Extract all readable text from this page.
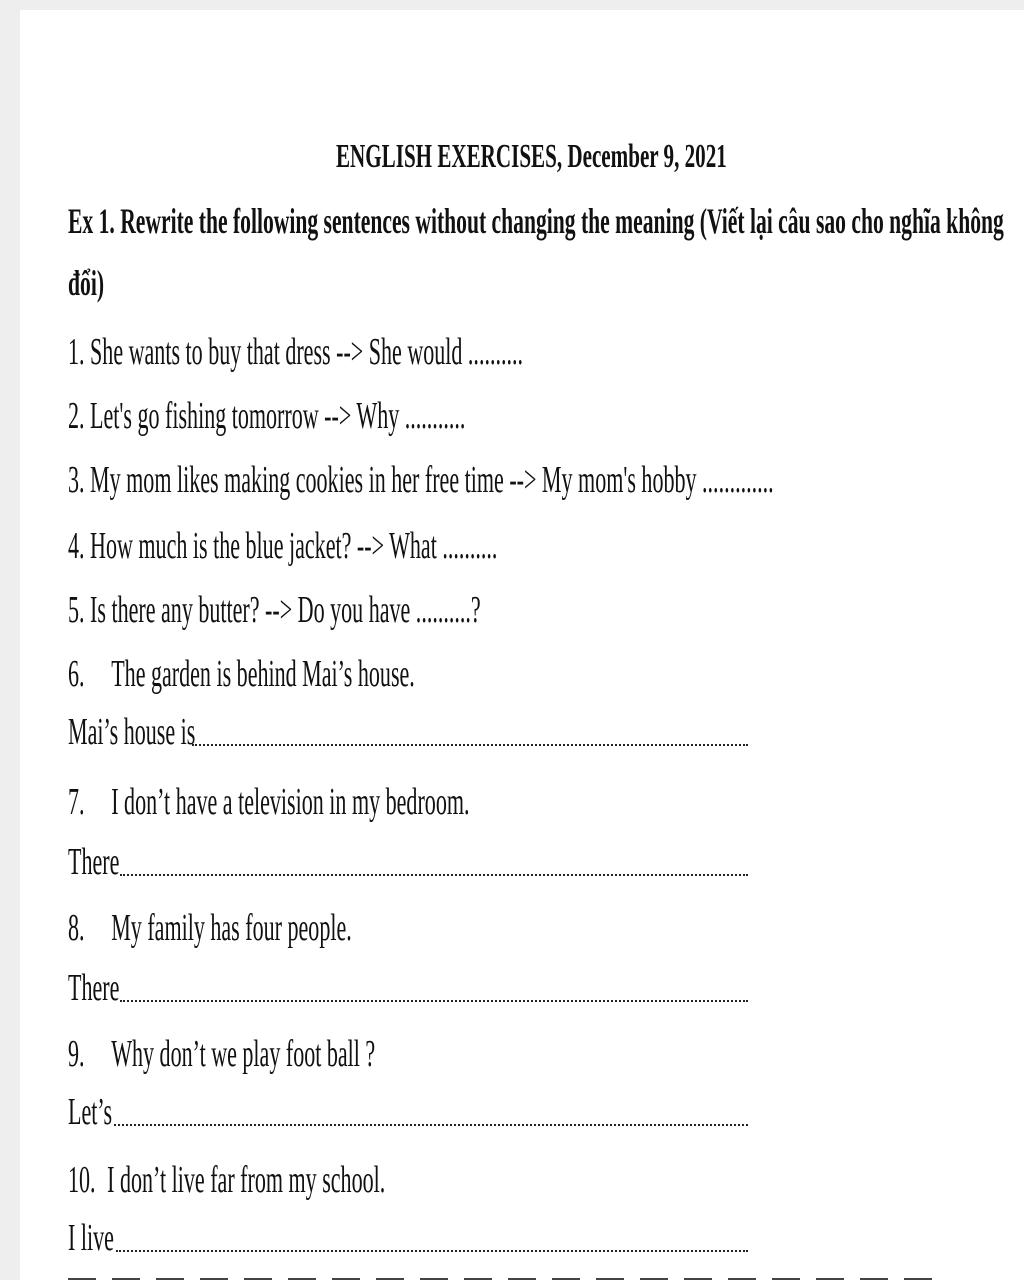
ENGLISH EXERCISES, December 9, 2021
Ex 1. Rewrite the following sentences without changing the meaning (Viết lại câu sao cho nghĩa không
đổi)
1. She wants to buy that dress --> She would ..........
2. Let's go fishing tomorrow --> Why ...........
3. My mom likes making cookies in her free time --> My mom's hobby .............
4. How much is the blue jacket? --> What ..........
5. Is there any butter? --> Do you have ..........?
6. The garden is behind Mai’s house.
Mai’s house is
7. I don’t have a television in my bedroom.
There
8. My family has four people.
There
9. Why don’t we play foot ball ?
Let’s
10. I don’t live far from my school.
I live
